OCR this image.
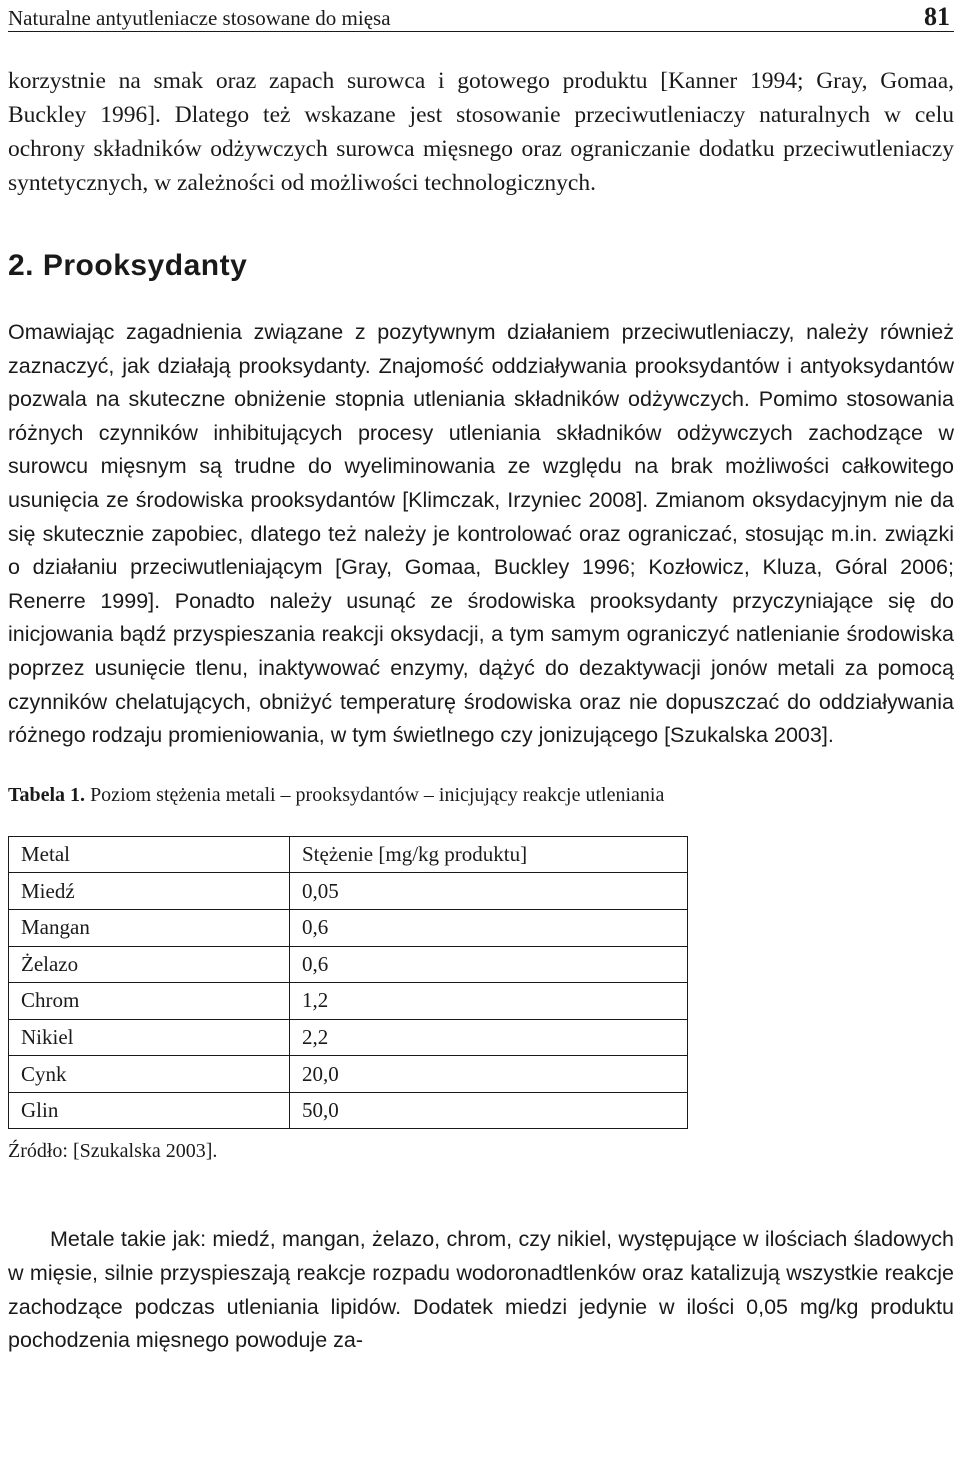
Naturalne antyutleniacze stosowane do mięsa	81

korzystnie na smak oraz zapach surowca i gotowego produktu [Kanner 1994; Gray, Gomaa, Buckley 1996]. Dlatego też wskazane jest stosowanie przeciwutleniaczy naturalnych w celu ochrony składników odżywczych surowca mięsnego oraz ograniczanie dodatku przeciwutleniaczy syntetycznych, w zależności od możliwości technologicznych.

2. Prooksydanty

Omawiając zagadnienia związane z pozytywnym działaniem przeciwutleniaczy, należy również zaznaczyć, jak działają prooksydanty. Znajomość oddziaływania prooksydantów i antyoksydantów pozwala na skuteczne obniżenie stopnia utleniania składników odżywczych. Pomimo stosowania różnych czynników inhibitujących procesy utleniania składników odżywczych zachodzące w surowcu mięsnym są trudne do wyeliminowania ze względu na brak możliwości całkowitego usunięcia ze środowiska prooksydantów [Klimczak, Irzyniec 2008]. Zmianom oksydacyjnym nie da się skutecznie zapobiec, dlatego też należy je kontrolować oraz ograniczać, stosując m.in. związki o działaniu przeciwutleniającym [Gray, Gomaa, Buckley 1996; Kozłowicz, Kluza, Góral 2006; Renerre 1999]. Ponadto należy usunąć ze środowiska prooksydanty przyczyniające się do inicjowania bądź przyspieszania reakcji oksydacji, a tym samym ograniczyć natlenianie środowiska poprzez usunięcie tlenu, inaktywować enzymy, dążyć do dezaktywacji jonów metali za pomocą czynników chelatujących, obniżyć temperaturę środowiska oraz nie dopuszczać do oddziaływania różnego rodzaju promieniowania, w tym świetlnego czy jonizującego [Szukalska 2003].

Tabela 1. Poziom stężenia metali – prooksydantów – inicjujący reakcje utleniania
Metal	Stężenie [mg/kg produktu]
Miedź	0,05
Mangan	0,6
Żelazo	0,6
Chrom	1,2
Nikiel	2,2
Cynk	20,0
Glin	50,0
Źródło: [Szukalska 2003].

Metale takie jak: miedź, mangan, żelazo, chrom, czy nikiel, występujące w ilościach śladowych w mięsie, silnie przyspieszają reakcje rozpadu wodoronadtlenków oraz katalizują wszystkie reakcje zachodzące podczas utleniania lipidów. Dodatek miedzi jedynie w ilości 0,05 mg/kg produktu pochodzenia mięsnego powoduje za-
